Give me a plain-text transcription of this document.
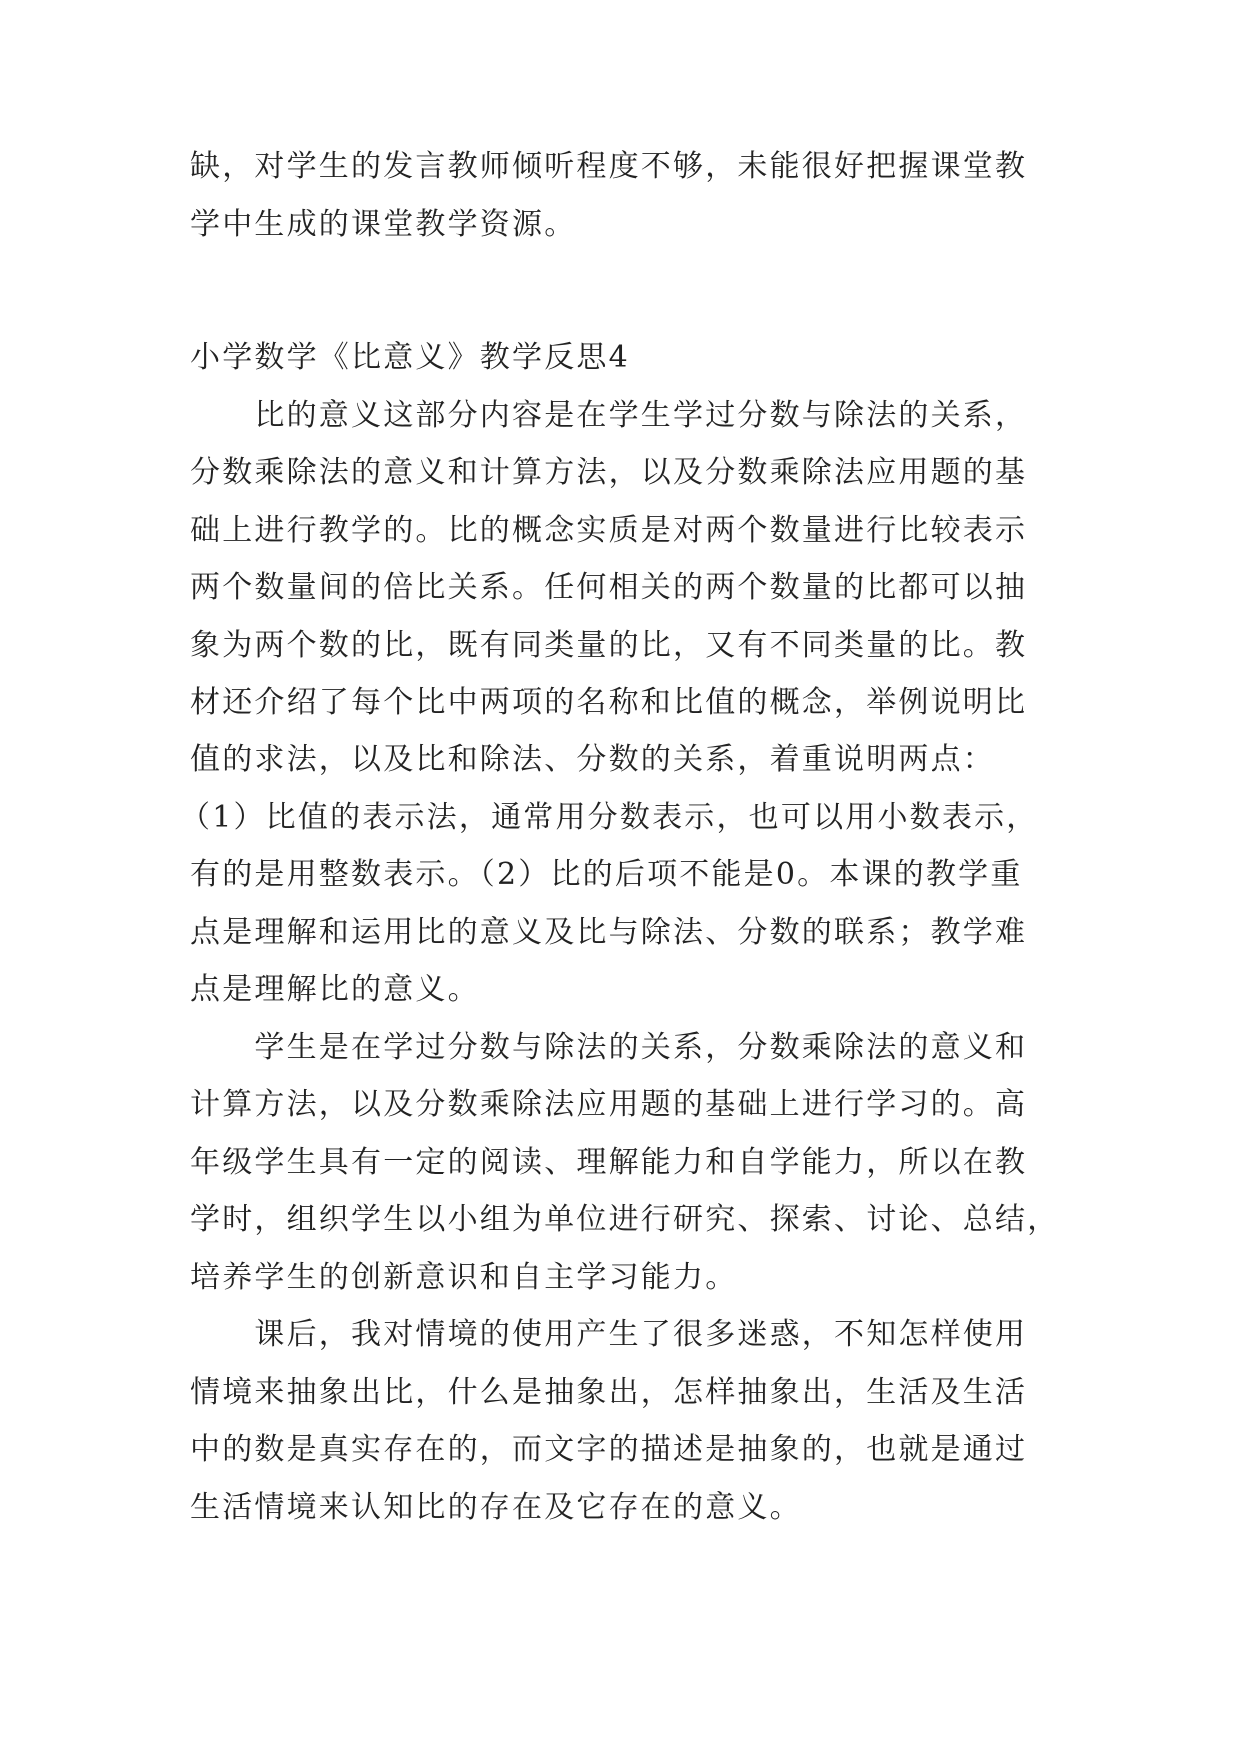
缺，对学生的发言教师倾听程度不够，未能很好把握课堂教
学中生成的课堂教学资源。
小学数学《比意义》教学反思4
　　比的意义这部分内容是在学生学过分数与除法的关系，
分数乘除法的意义和计算方法，以及分数乘除法应用题的基
础上进行教学的。比的概念实质是对两个数量进行比较表示
两个数量间的倍比关系。任何相关的两个数量的比都可以抽
象为两个数的比，既有同类量的比，又有不同类量的比。教
材还介绍了每个比中两项的名称和比值的概念，举例说明比
值的求法，以及比和除法、分数的关系，着重说明两点：
（1）比值的表示法，通常用分数表示，也可以用小数表示，
有的是用整数表示。（2）比的后项不能是0。本课的教学重
点是理解和运用比的意义及比与除法、分数的联系；教学难
点是理解比的意义。
　　学生是在学过分数与除法的关系，分数乘除法的意义和
计算方法，以及分数乘除法应用题的基础上进行学习的。高
年级学生具有一定的阅读、理解能力和自学能力，所以在教
学时，组织学生以小组为单位进行研究、探索、讨论、总结，
培养学生的创新意识和自主学习能力。
　　课后，我对情境的使用产生了很多迷惑，不知怎样使用
情境来抽象出比，什么是抽象出，怎样抽象出，生活及生活
中的数是真实存在的，而文字的描述是抽象的，也就是通过
生活情境来认知比的存在及它存在的意义。
